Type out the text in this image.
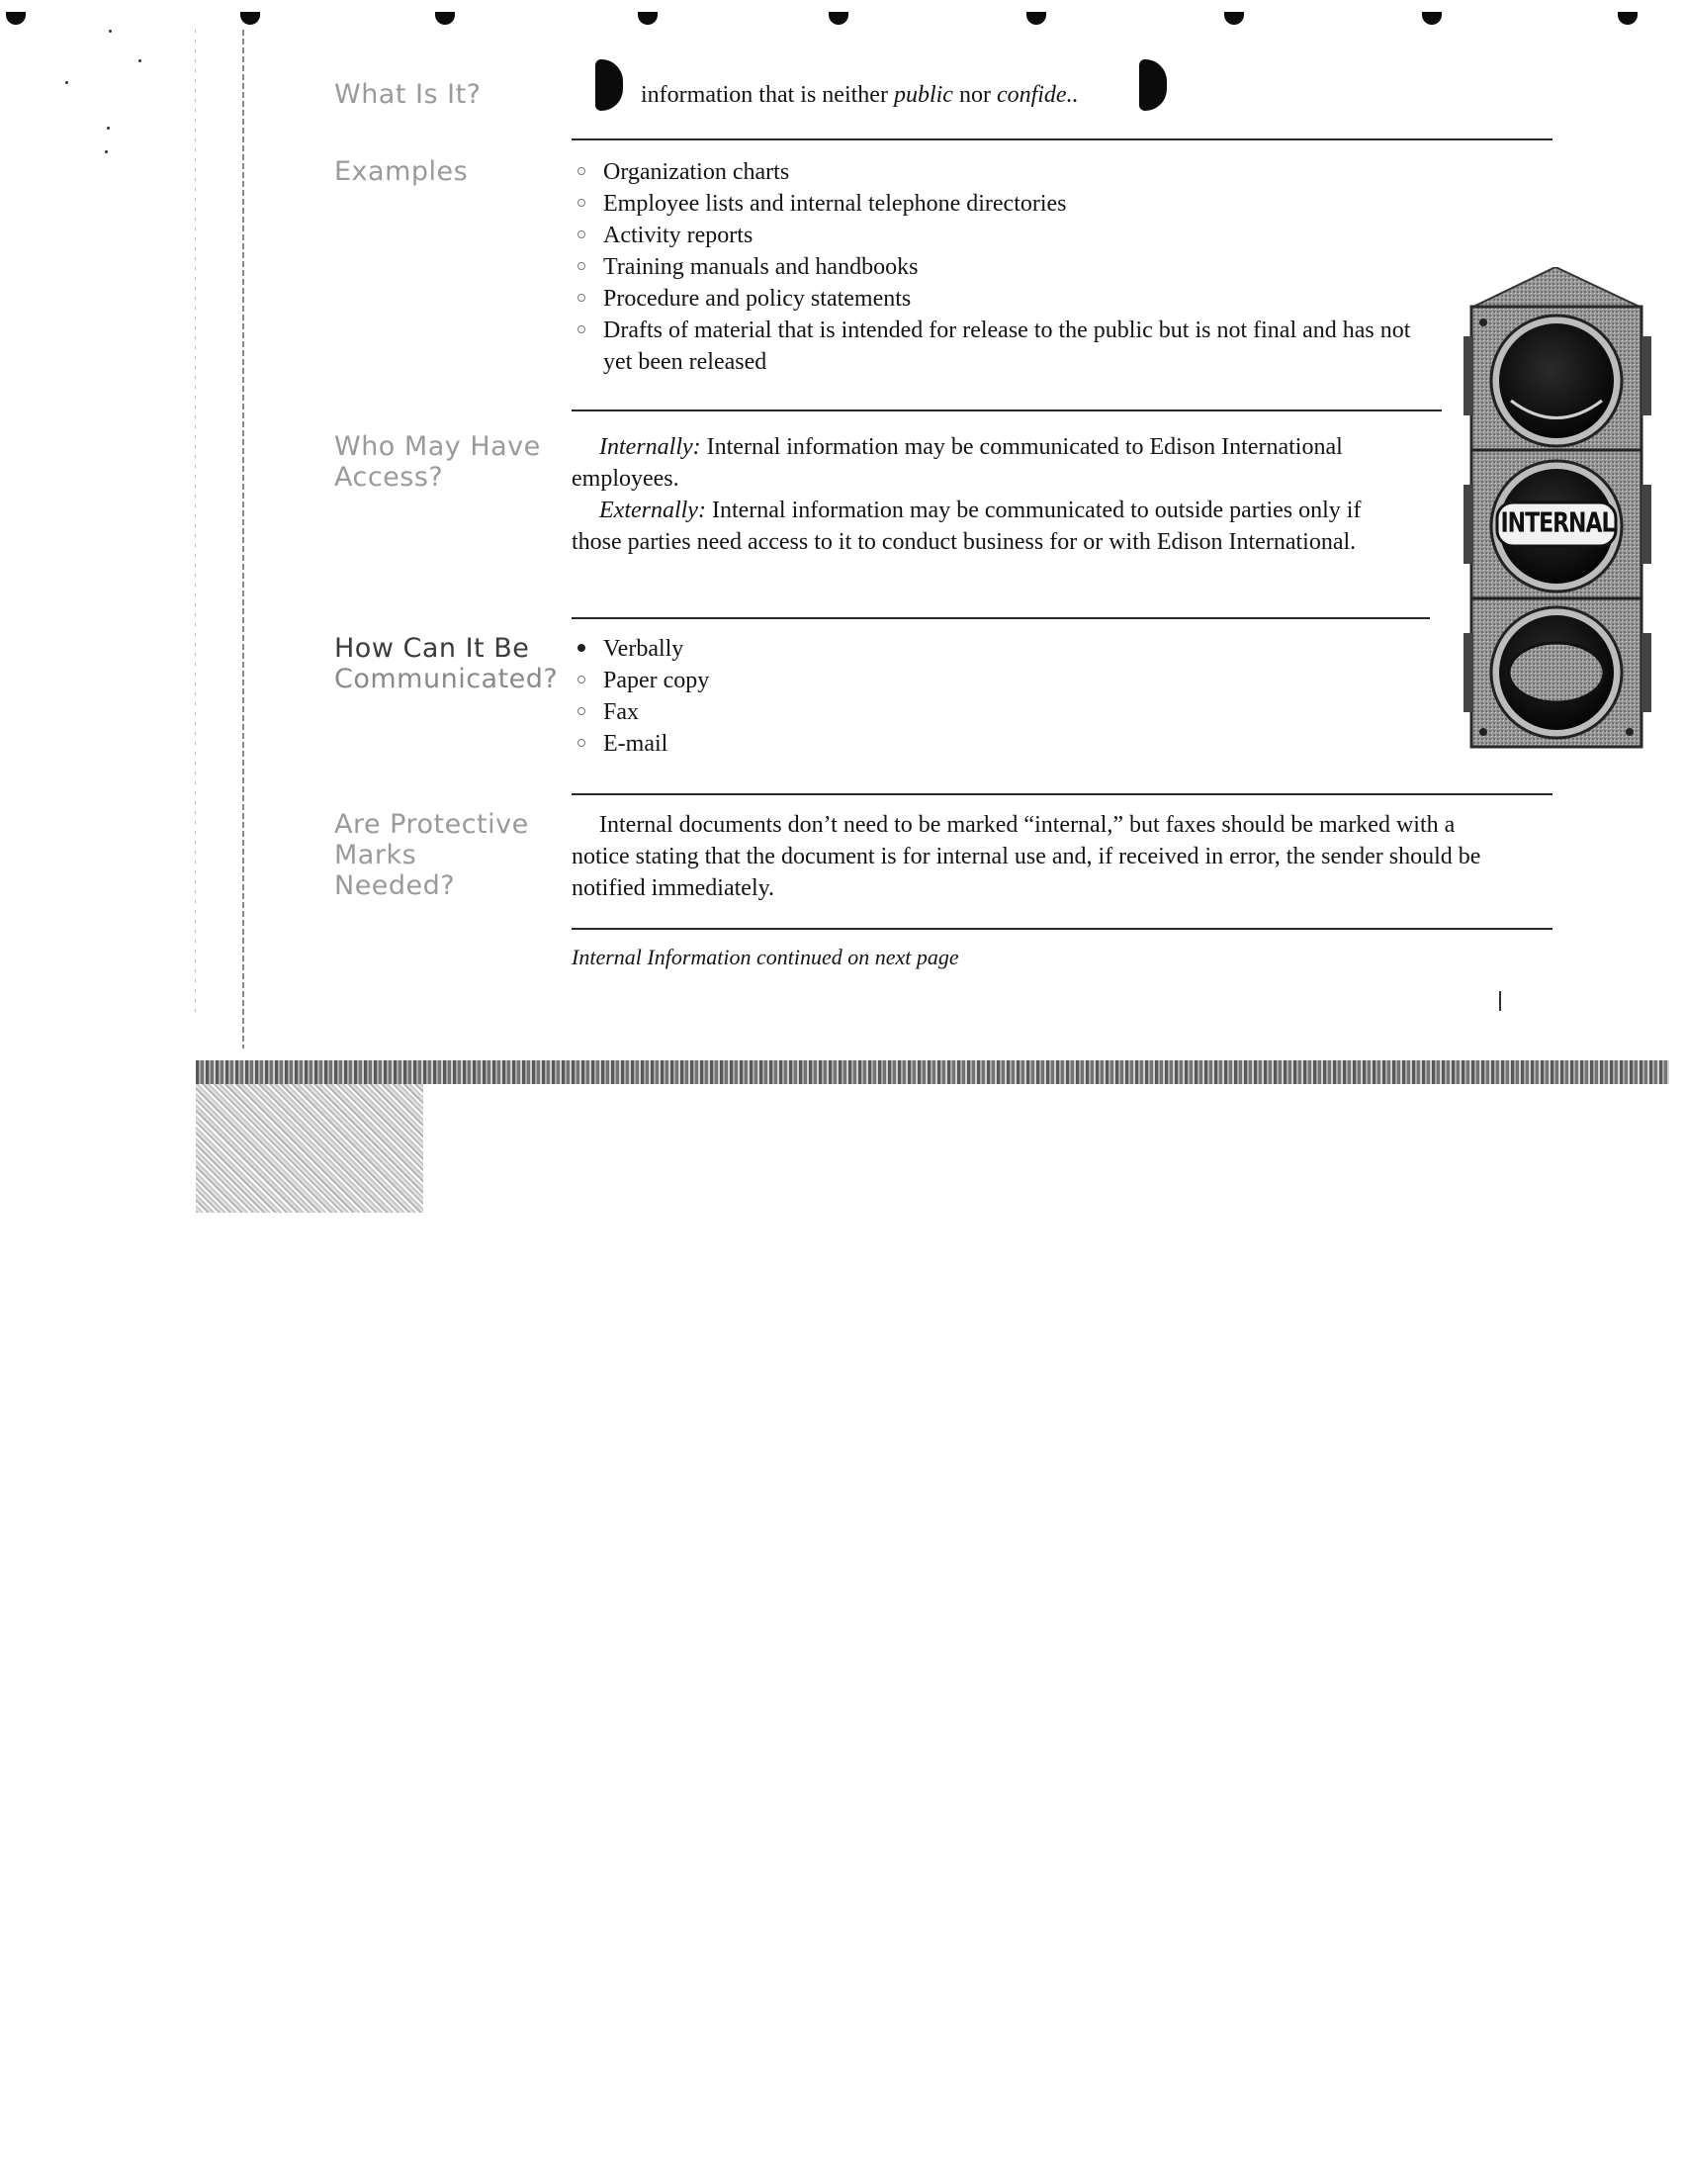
What Is It?	information that is neither public nor confide..
Examples	Organization charts
Employee lists and internal telephone directories
Activity reports
Training manuals and handbooks
Procedure and policy statements
Drafts of material that is intended for release to the public but is not final and has not yet been released
Who May Have
Access?

Internally: Internal information may be communicated to Edison International employees.

Externally: Internal information may be communicated to outside parties only if those parties need access to it to conduct business for or with Edison International.

How Can It Be
Communicated?
Verbally
Paper copy
Fax
E-mail
Are Protective
Marks
Needed?

Internal documents don’t need to be marked “internal,” but faxes should be marked with a notice stating that the document is for internal use and, if received in error, the sender should be notified immediately.

Internal Information continued on next page
INTERNAL
